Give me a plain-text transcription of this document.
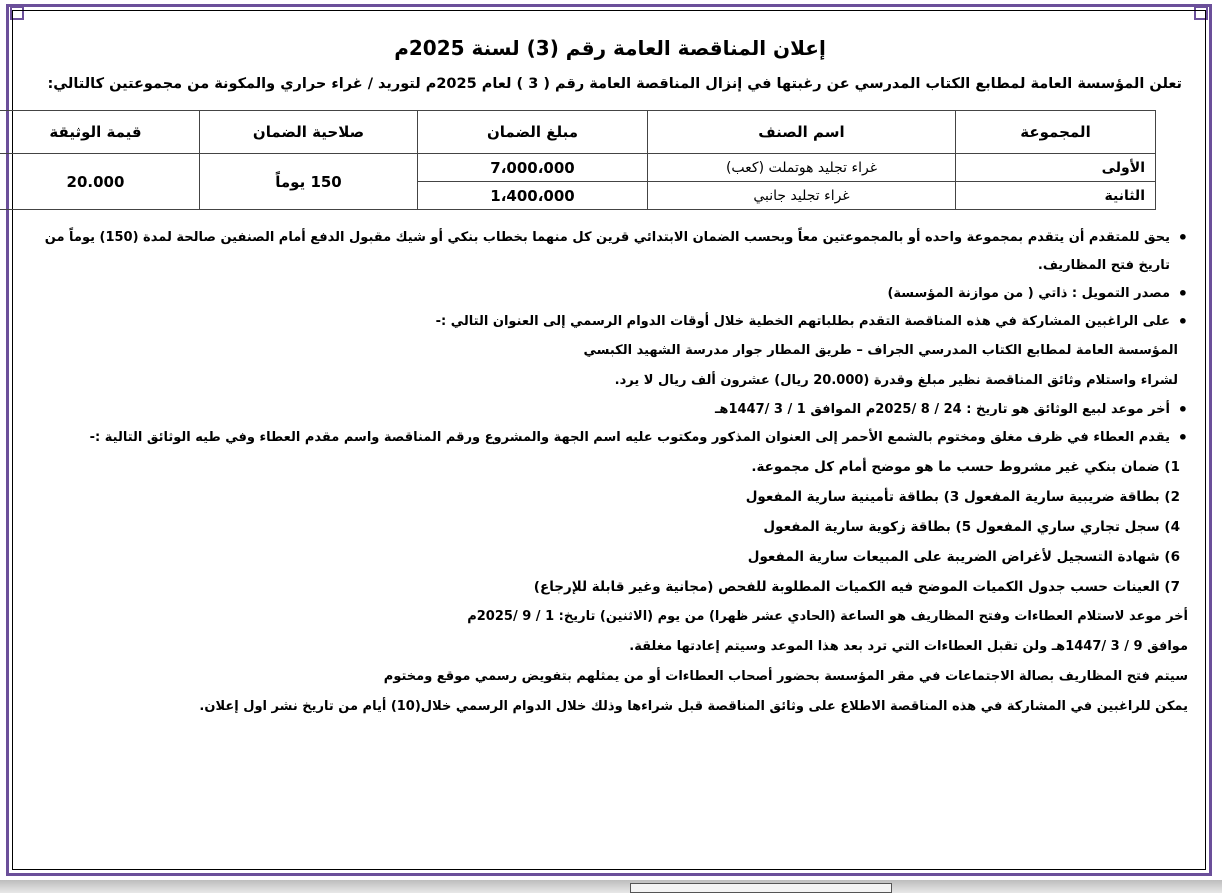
إعلان المناقصة العامة رقم (3) لسنة 2025م
تعلن المؤسسة العامة لمطابع الكتاب المدرسي عن رغبتها في إنزال المناقصة العامة رقم ( 3 ) لعام 2025م لتوريد / غراء حراري والمكونة من مجموعتين كالتالي:
المجموعة	اسم الصنف	مبلغ الضمان	صلاحية الضمان	قيمة الوثيقة
الأولى	غراء تجليد هوتملت (كعب)	7،000،000	150 يوماً	20.000
الثانية	غراء تجليد جانبي	1،400،000		
• يحق للمتقدم أن يتقدم بمجموعة واحده أو بالمجموعتين معاً وبحسب الضمان الابتدائي قرين كل منهما بخطاب بنكي أو شيك مقبول الدفع أمام الصنفين صالحة لمدة (150) يوماً من تاريخ فتح المظاريف.
• مصدر التمويل : ذاتي ( من موازنة المؤسسة)
• على الراغبين المشاركة في هذه المناقصة التقدم بطلباتهم الخطية خلال أوقات الدوام الرسمي إلى العنوان التالي :-
المؤسسة العامة لمطابع الكتاب المدرسي الجراف – طريق المطار جوار مدرسة الشهيد الكبسي
لشراء واستلام وثائق المناقصة نظير مبلغ وقدرة (20.000 ريال) عشرون ألف ريال لا يرد.
• أخر موعد لبيع الوثائق هو تاريخ : 24 / 8 /2025م الموافق 1 / 3 /1447هـ
• يقدم العطاء في ظرف مغلق ومختوم بالشمع الأحمر إلى العنوان المذكور ومكتوب عليه اسم الجهة والمشروع ورقم المناقصة واسم مقدم العطاء وفي طيه الوثائق التالية :-
1) ضمان بنكي غير مشروط حسب ما هو موضح أمام كل مجموعة.
2) بطاقة ضريبية سارية المفعول 3) بطاقة تأمينية سارية المفعول
4) سجل تجاري ساري المفعول 5) بطاقة زكوية سارية المفعول
6) شهادة التسجيل لأغراض الضريبة على المبيعات سارية المفعول
7) العينات حسب جدول الكميات الموضح فيه الكميات المطلوبة للفحص (مجانية وغير قابلة للإرجاع)
أخر موعد لاستلام العطاءات وفتح المظاريف هو الساعة (الحادي عشر ظهرا) من يوم (الاثنين) تاريخ: 1 / 9 /2025م
موافق 9 / 3 /1447هـ ولن تقبل العطاءات التي ترد بعد هذا الموعد وسيتم إعادتها مغلقة.
سيتم فتح المظاريف بصالة الاجتماعات في مقر المؤسسة بحضور أصحاب العطاءات أو من يمثلهم بتفويض رسمي موقع ومختوم
يمكن للراغبين في المشاركة في هذه المناقصة الاطلاع على وثائق المناقصة قبل شراءها وذلك خلال الدوام الرسمي خلال(10) أيام من تاريخ نشر اول إعلان.
